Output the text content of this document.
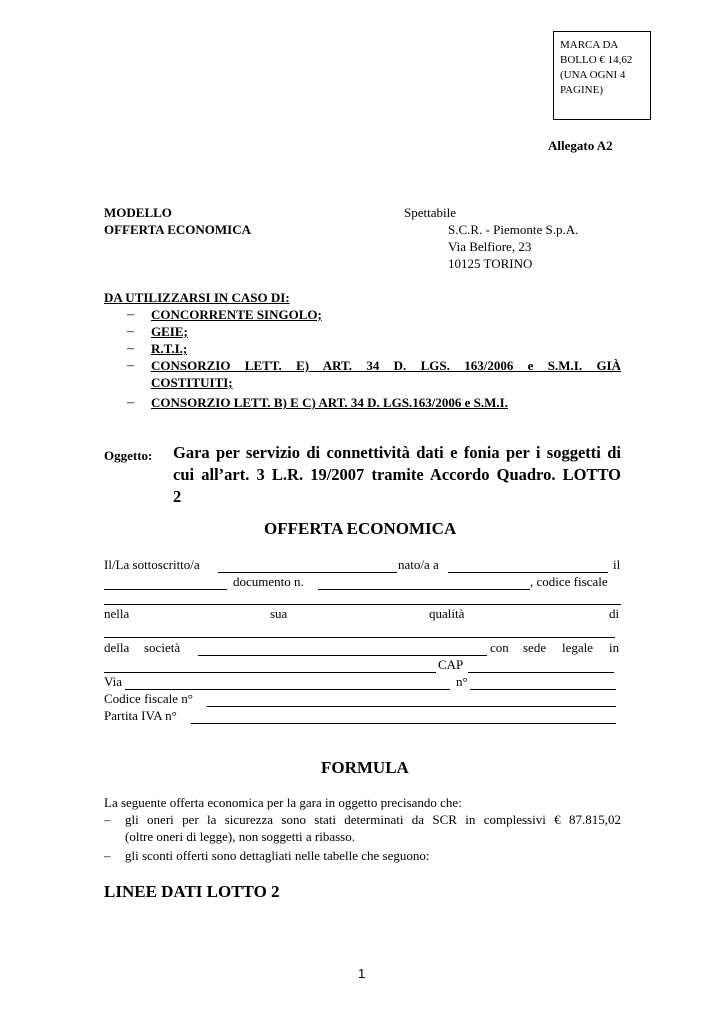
MARCA DA BOLLO € 14,62 (UNA OGNI 4 PAGINE)
Allegato A2
MODELLO
OFFERTA ECONOMICA
Spettabile
S.C.R. - Piemonte S.p.A.
Via Belfiore, 23
10125 TORINO
DA UTILIZZARSI IN CASO DI:
– CONCORRENTE SINGOLO;
– GEIE;
– R.T.I.;
– CONSORZIO LETT. E) ART. 34 D. LGS. 163/2006 e S.M.I. GIÀ
COSTITUITI;
– CONSORZIO LETT. B) E C) ART. 34 D. LGS.163/2006 e S.M.I.
Oggetto: Gara per servizio di connettività dati e fonia per i soggetti di
cui all’art. 3 L.R. 19/2007 tramite Accordo Quadro. LOTTO
2
OFFERTA ECONOMICA
Il/La sottoscritto/a	nato/a a	il
documento n.	, codice fiscale
nella	sua	qualità	di
della società	con sede legale in
CAP
Via	n°
Codice fiscale n°
Partita IVA n°
FORMULA
La seguente offerta economica per la gara in oggetto precisando che:
– gli oneri per la sicurezza sono stati determinati da SCR in complessivi € 87.815,02
(oltre oneri di legge), non soggetti a ribasso.
– gli sconti offerti sono dettagliati nelle tabelle che seguono:
LINEE DATI LOTTO 2
1
